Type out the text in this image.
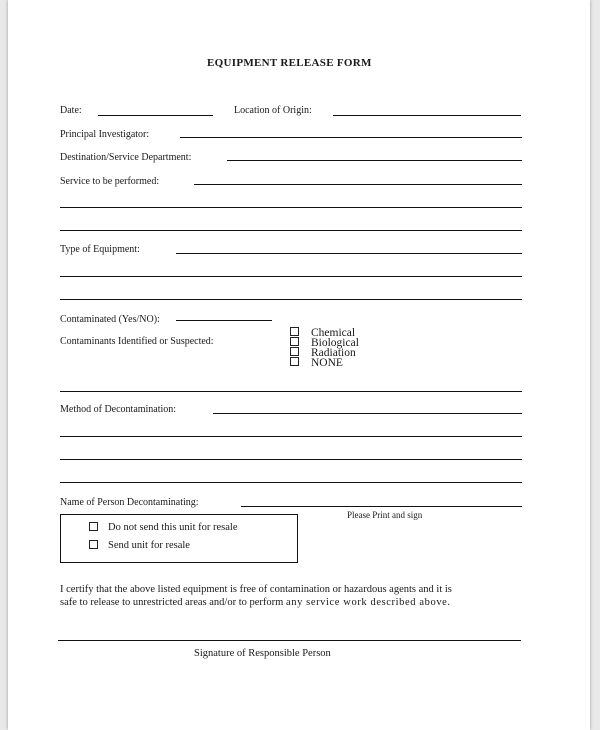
EQUIPMENT RELEASE FORM
Date:	Location of Origin:
Principal Investigator:
Destination/Service Department:
Service to be performed:
Type of Equipment:
Contaminated (Yes/NO):
Contaminants Identified or Suspected:
Chemical
Biological
Radiation
NONE
Method of Decontamination:
Name of Person Decontaminating:
Please Print and sign
Do not send this unit for resale
Send unit for resale
I certify that the above listed equipment is free of contamination or hazardous agents and it is
safe to release to unrestricted areas and/or to perform any service work described above.
Signature of Responsible Person
